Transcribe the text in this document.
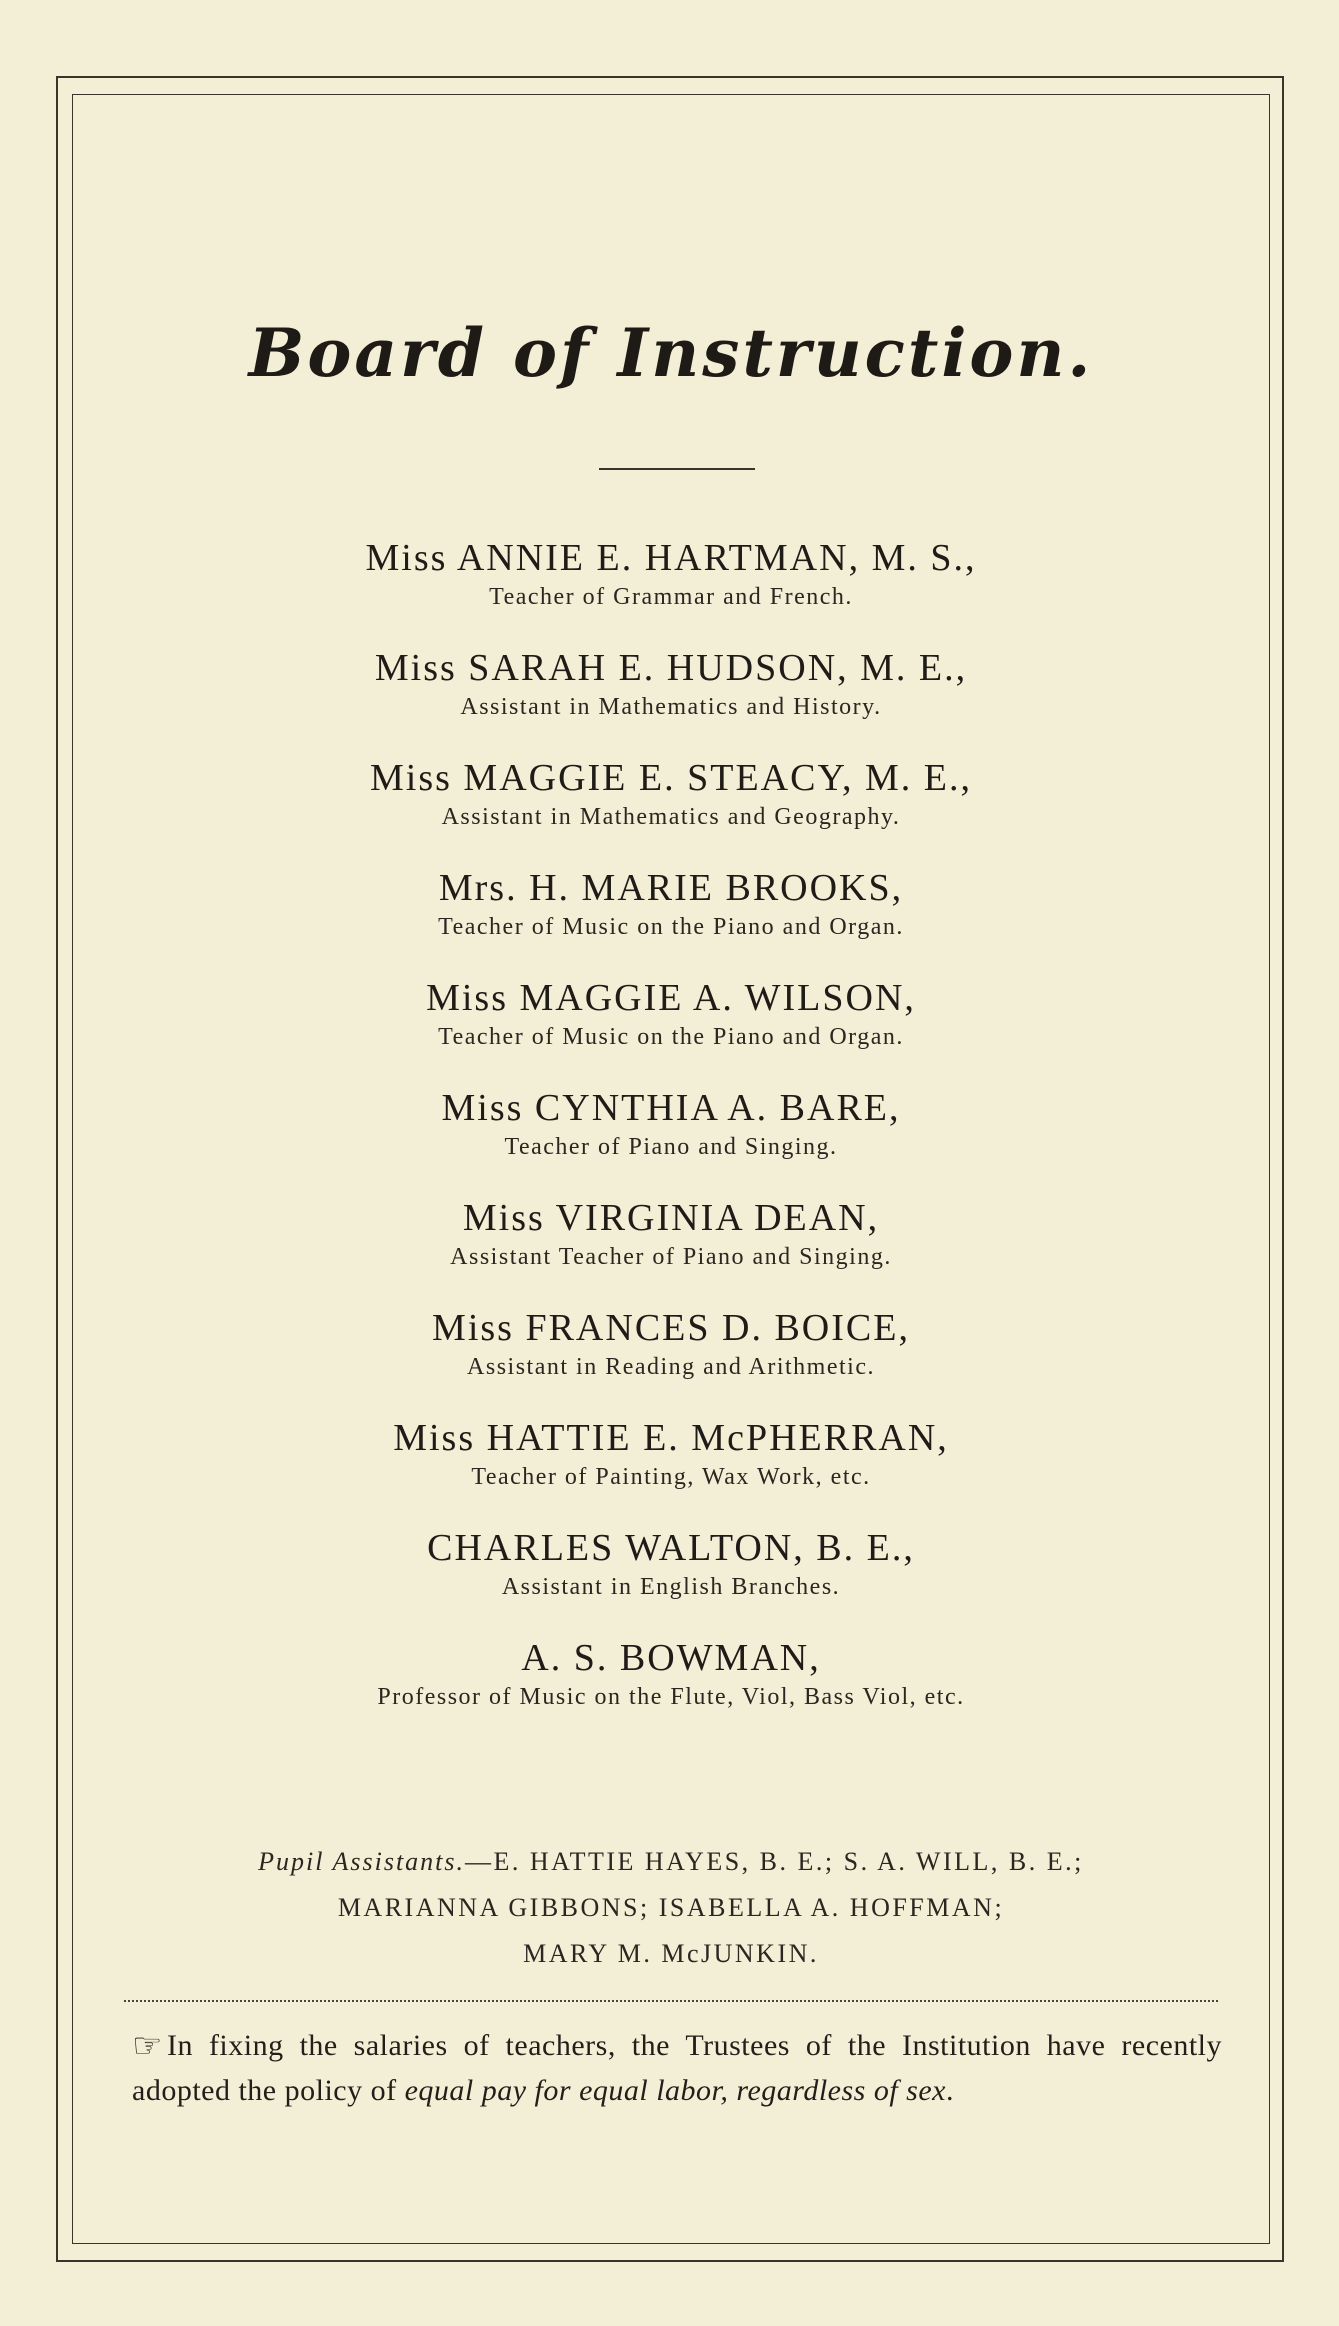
Board of Instruction.
Miss ANNIE E. HARTMAN, M. S.,
Teacher of Grammar and French.
Miss SARAH E. HUDSON, M. E.,
Assistant in Mathematics and History.
Miss MAGGIE E. STEACY, M. E.,
Assistant in Mathematics and Geography.
Mrs. H. MARIE BROOKS,
Teacher of Music on the Piano and Organ.
Miss MAGGIE A. WILSON,
Teacher of Music on the Piano and Organ.
Miss CYNTHIA A. BARE,
Teacher of Piano and Singing.
Miss VIRGINIA DEAN,
Assistant Teacher of Piano and Singing.
Miss FRANCES D. BOICE,
Assistant in Reading and Arithmetic.
Miss HATTIE E. McPHERRAN,
Teacher of Painting, Wax Work, etc.
CHARLES WALTON, B. E.,
Assistant in English Branches.
A. S. BOWMAN,
Professor of Music on the Flute, Viol, Bass Viol, etc.
Pupil Assistants.—E. HATTIE HAYES, B. E.; S. A. WILL, B. E.;
MARIANNA GIBBONS; ISABELLA A. HOFFMAN;
MARY M. McJUNKIN.
☞ In fixing the salaries of teachers, the Trustees of the Institution have recently adopted the policy of equal pay for equal labor, regardless of sex.
